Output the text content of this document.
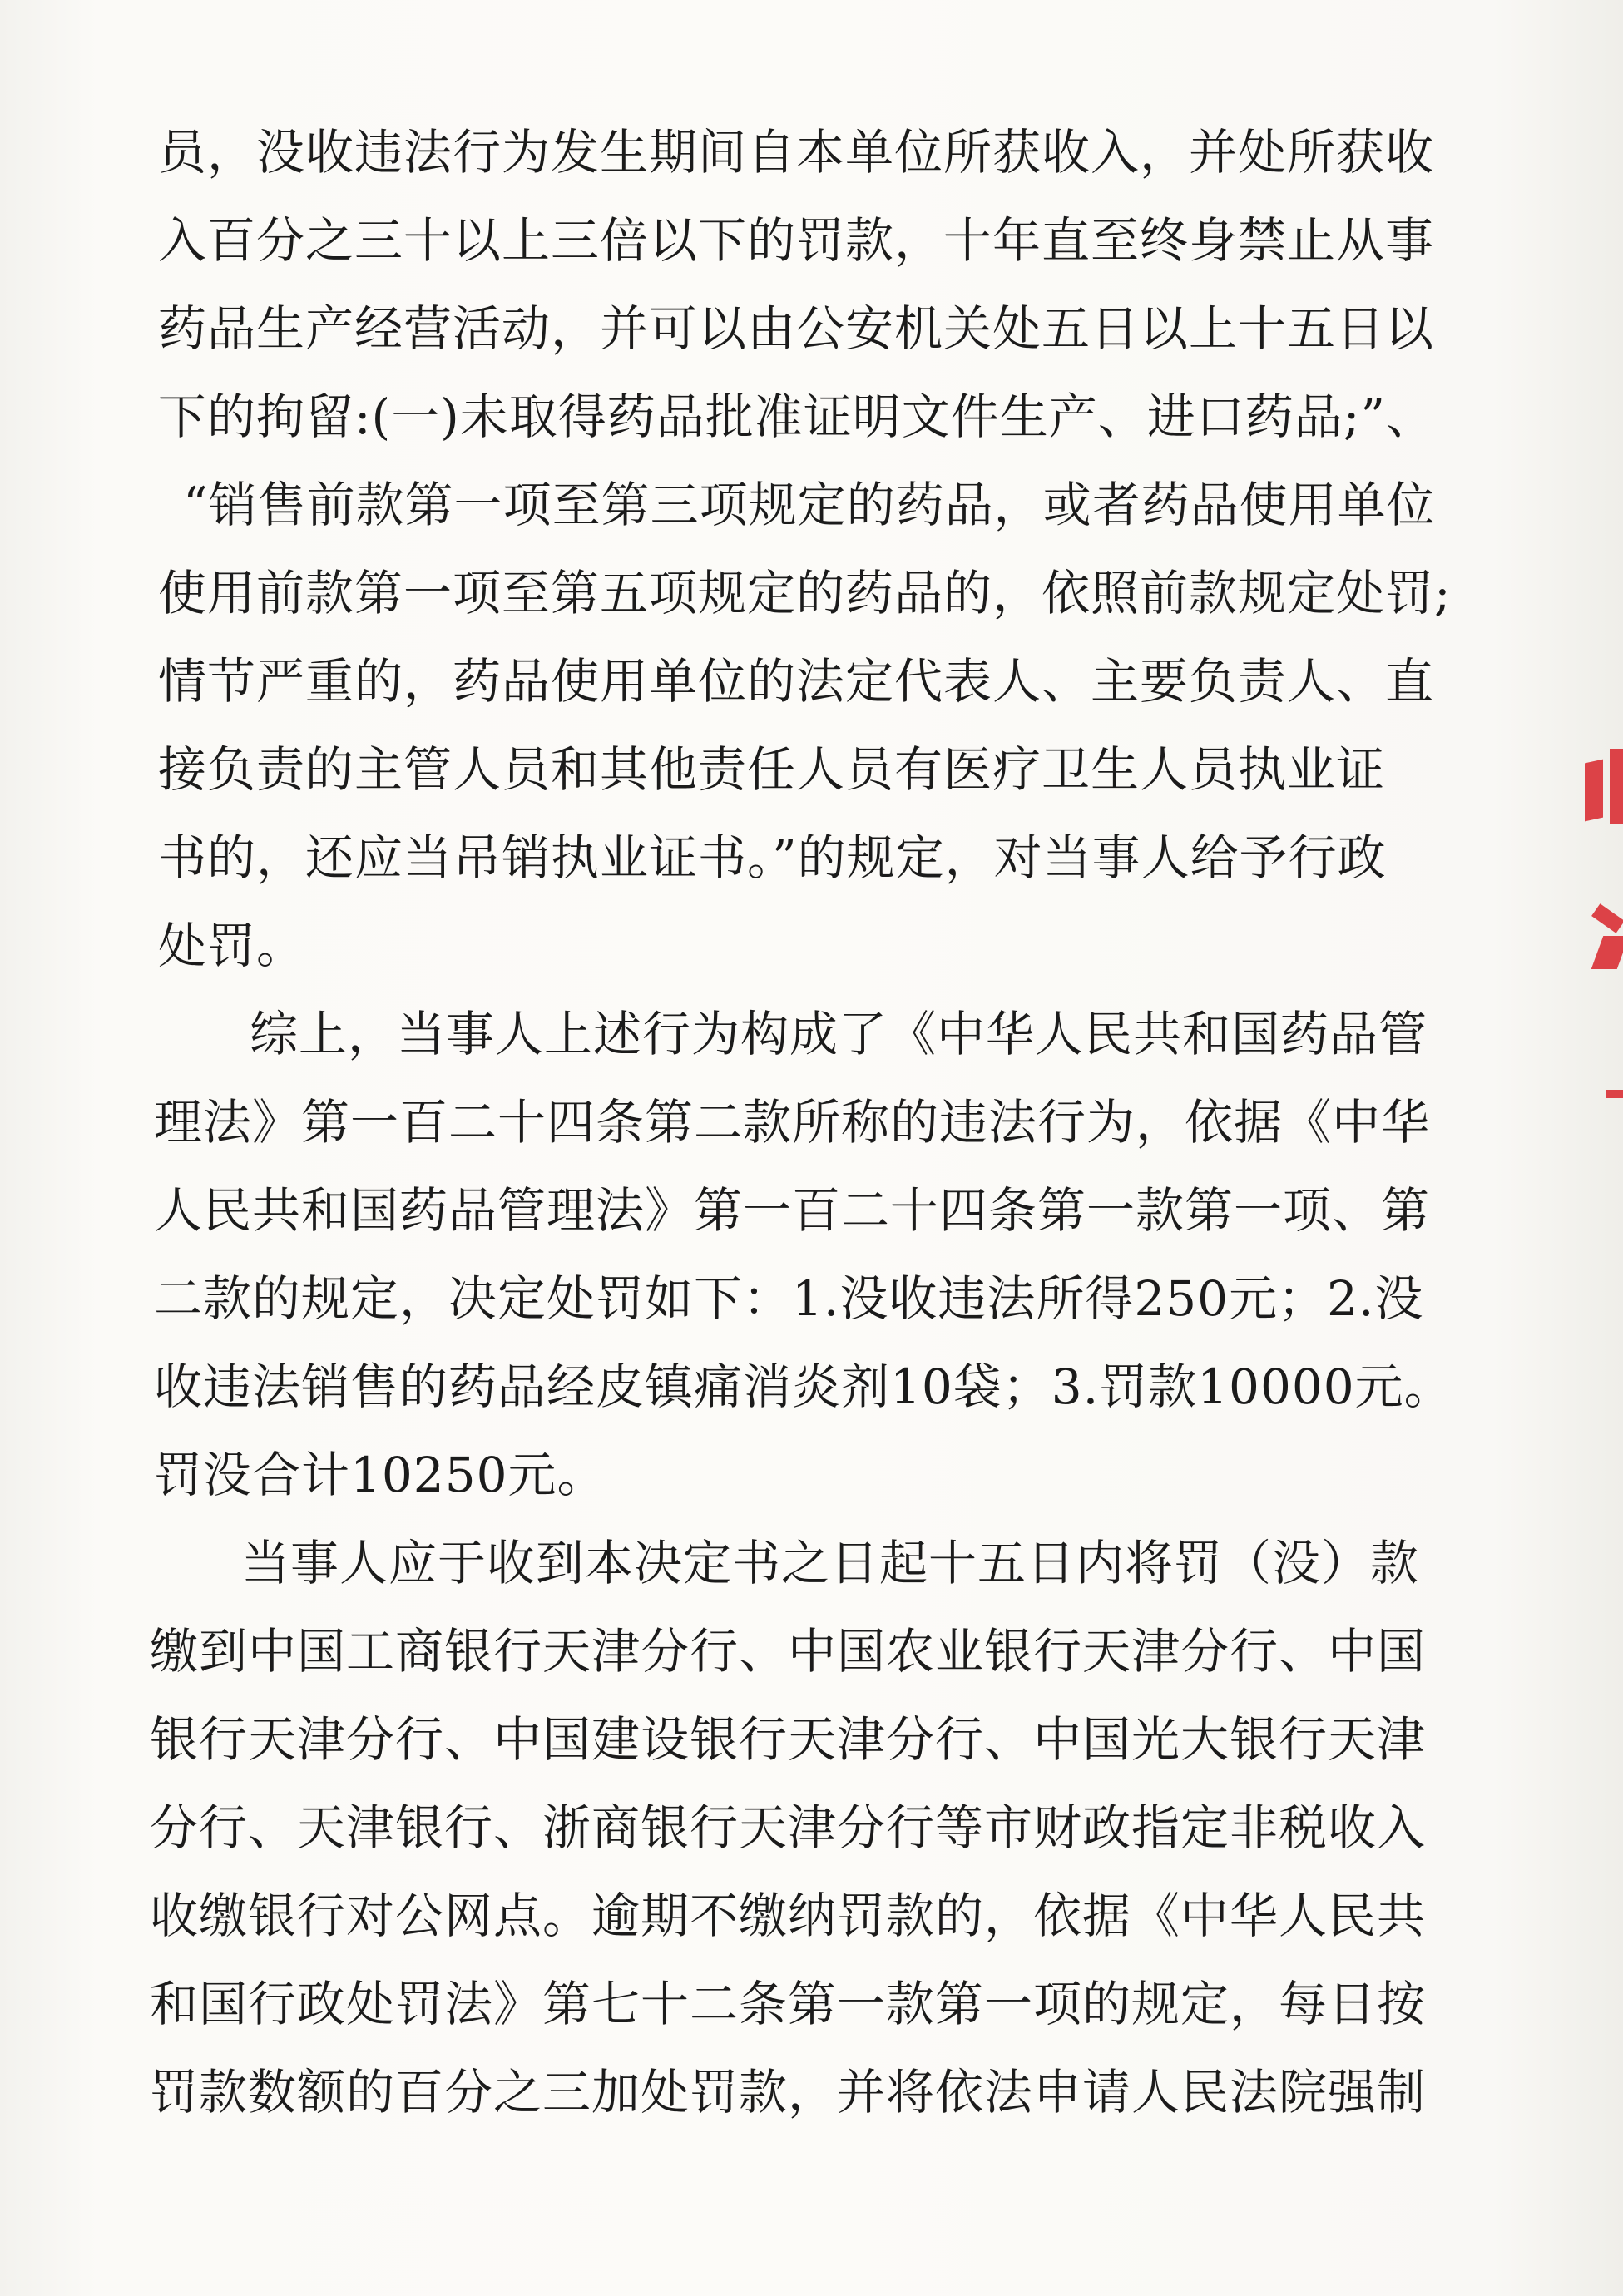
员，没收违法行为发生期间自本单位所获收入，并处所获收
入百分之三十以上三倍以下的罚款，十年直至终身禁止从事
药品生产经营活动，并可以由公安机关处五日以上十五日以
下的拘留:(一)未取得药品批准证明文件生产、进口药品;”、
“销售前款第一项至第三项规定的药品，或者药品使用单位
使用前款第一项至第五项规定的药品的，依照前款规定处罚;
情节严重的，药品使用单位的法定代表人、主要负责人、直
接负责的主管人员和其他责任人员有医疗卫生人员执业证
书的，还应当吊销执业证书。”的规定，对当事人给予行政
处罚。
综上，当事人上述行为构成了《中华人民共和国药品管
理法》第一百二十四条第二款所称的违法行为，依据《中华
人民共和国药品管理法》第一百二十四条第一款第一项、第
二款的规定，决定处罚如下：1.没收违法所得250元；2.没
收违法销售的药品经皮镇痛消炎剂10袋；3.罚款10000元。
罚没合计10250元。
当事人应于收到本决定书之日起十五日内将罚（没）款
缴到中国工商银行天津分行、中国农业银行天津分行、中国
银行天津分行、中国建设银行天津分行、中国光大银行天津
分行、天津银行、浙商银行天津分行等市财政指定非税收入
收缴银行对公网点。逾期不缴纳罚款的，依据《中华人民共
和国行政处罚法》第七十二条第一款第一项的规定，每日按
罚款数额的百分之三加处罚款，并将依法申请人民法院强制
